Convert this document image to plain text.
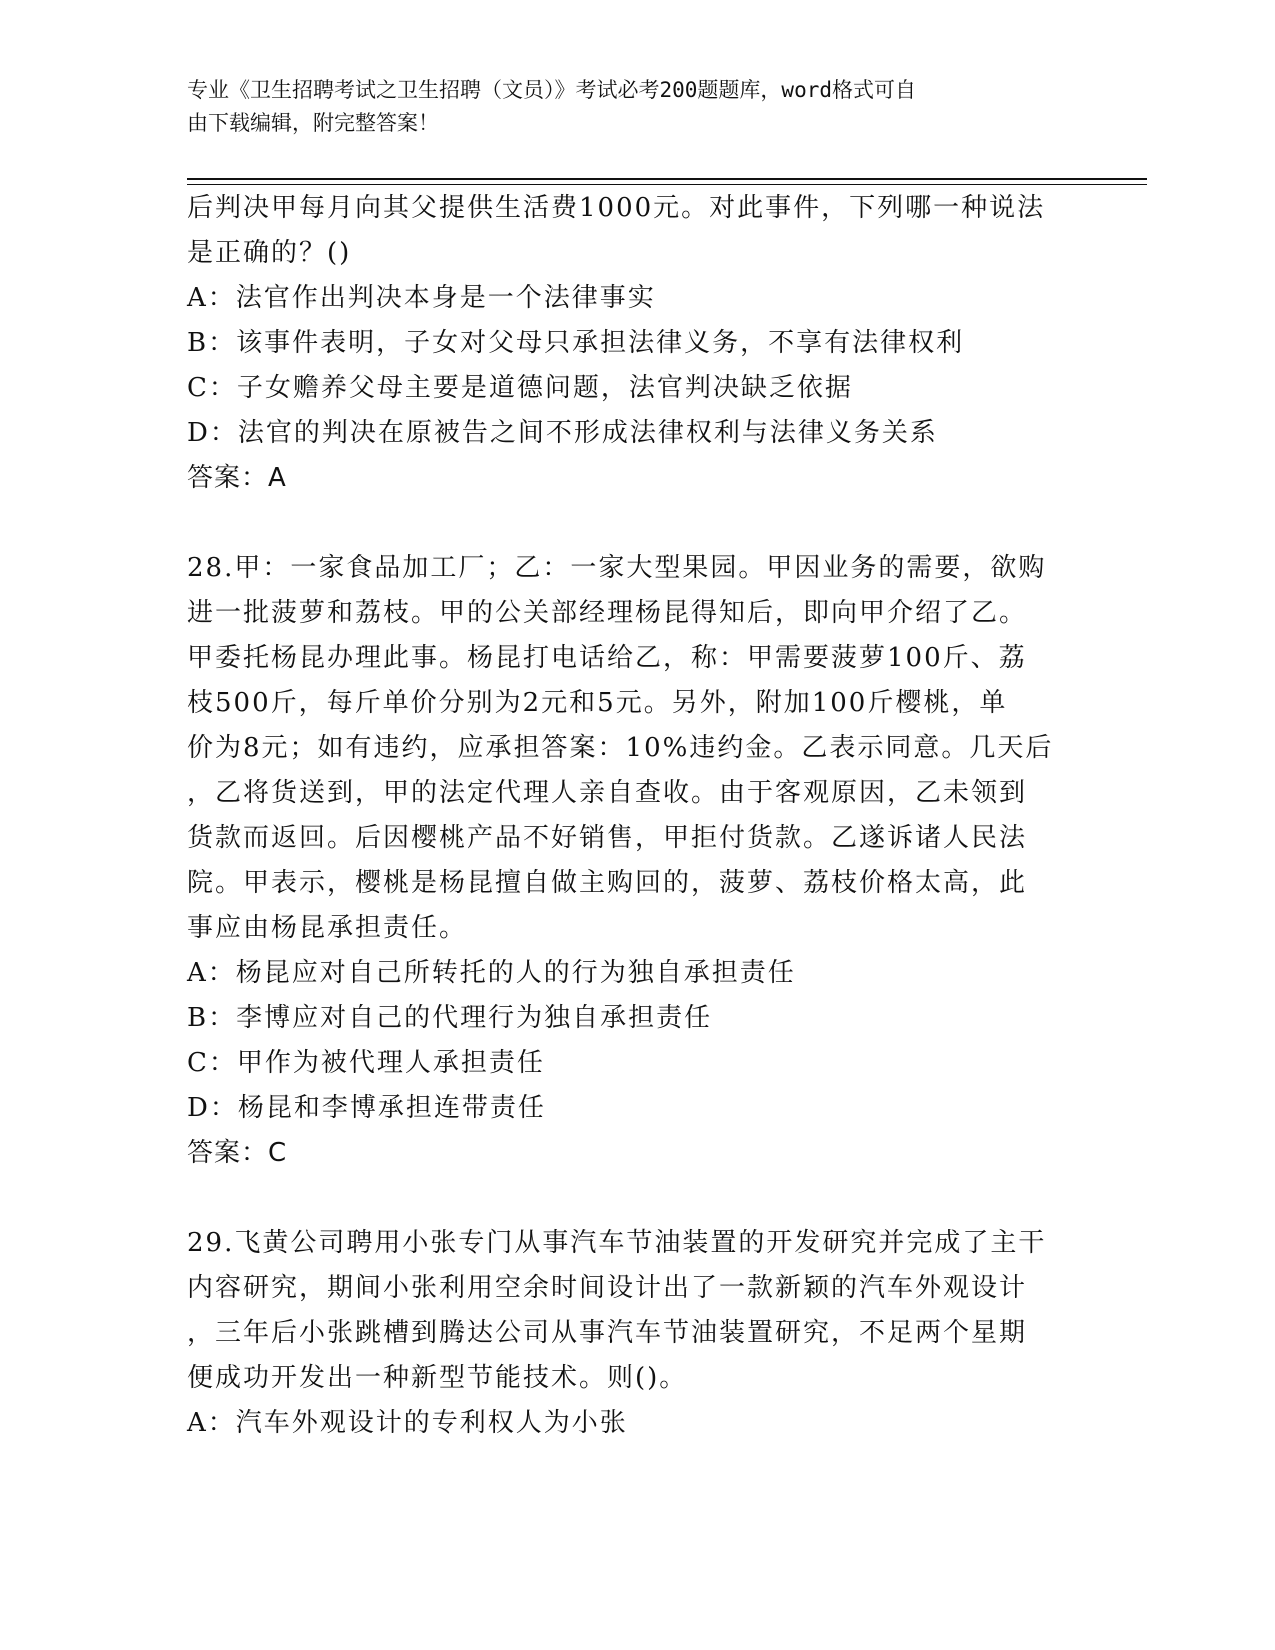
专业《卫生招聘考试之卫生招聘（文员）》考试必考200题题库，word格式可自
由下载编辑，附完整答案！

后判决甲每月向其父提供生活费1000元。对此事件，下列哪一种说法

是正确的？()

A：法官作出判决本身是一个法律事实

B：该事件表明，子女对父母只承担法律义务，不享有法律权利

C：子女赡养父母主要是道德问题，法官判决缺乏依据

D：法官的判决在原被告之间不形成法律权利与法律义务关系

答案：A

28.甲：一家食品加工厂；乙：一家大型果园。甲因业务的需要，欲购

进一批菠萝和荔枝。甲的公关部经理杨昆得知后，即向甲介绍了乙。

甲委托杨昆办理此事。杨昆打电话给乙，称：甲需要菠萝100斤、荔

枝500斤，每斤单价分别为2元和5元。另外，附加100斤樱桃，单

价为8元；如有违约，应承担答案：10%违约金。乙表示同意。几天后

，乙将货送到，甲的法定代理人亲自查收。由于客观原因，乙未领到

货款而返回。后因樱桃产品不好销售，甲拒付货款。乙遂诉诸人民法

院。甲表示，樱桃是杨昆擅自做主购回的，菠萝、荔枝价格太高，此

事应由杨昆承担责任。

A：杨昆应对自己所转托的人的行为独自承担责任

B：李博应对自己的代理行为独自承担责任

C：甲作为被代理人承担责任

D：杨昆和李博承担连带责任

答案：C

29.飞黄公司聘用小张专门从事汽车节油装置的开发研究并完成了主干

内容研究，期间小张利用空余时间设计出了一款新颖的汽车外观设计

，三年后小张跳槽到腾达公司从事汽车节油装置研究，不足两个星期

便成功开发出一种新型节能技术。则()。

A：汽车外观设计的专利权人为小张
